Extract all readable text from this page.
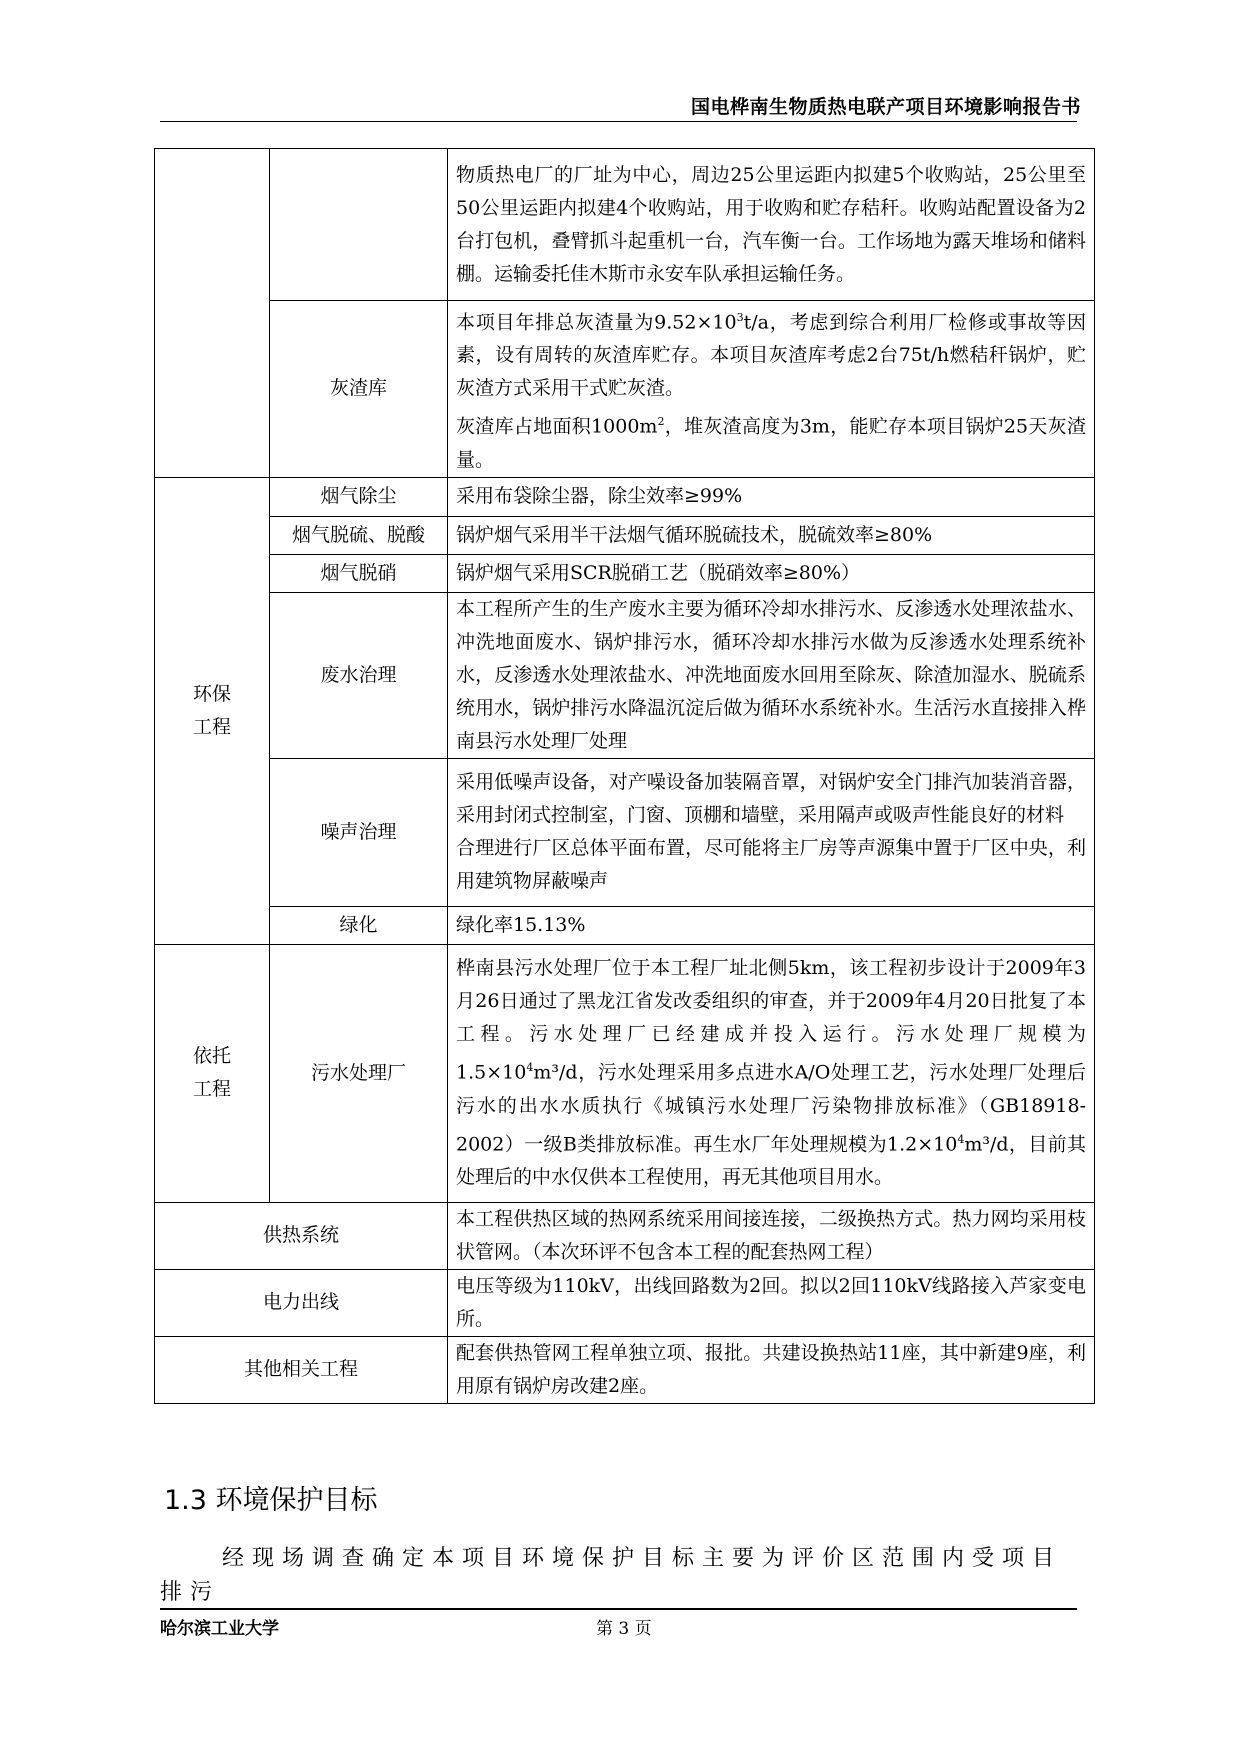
国电桦南生物质热电联产项目环境影响报告书
		物质热电厂的厂址为中心，周边25公里运距内拟建5个收购站，25公里至50公里运距内拟建4个收购站，用于收购和贮存秸秆。收购站配置设备为2台打包机，叠臂抓斗起重机一台，汽车衡一台。工作场地为露天堆场和储料棚。运输委托佳木斯市永安车队承担运输任务。
	灰渣库	本项目年排总灰渣量为$9.52\times 10^3t/a$，考虑到综合利用厂检修或事故等因素，设有周转的灰渣库贮存。本项目灰渣库考虑2台75t/h燃秸秆锅炉，贮灰渣方式采用干式贮灰渣。
灰渣库占地面积$1000m^2$，堆灰渣高度为3m，能贮存本项目锅炉25天灰渣量。

环保
工程	烟气除尘	采用布袋除尘器，除尘效率≥99%
	烟气脱硫、脱酸	锅炉烟气采用半干法烟气循环脱硫技术，脱硫效率≥80%
	烟气脱硝	锅炉烟气采用SCR脱硝工艺（脱硝效率≥80%）
	废水治理	本工程所产生的生产废水主要为循环冷却水排污水、反渗透水处理浓盐水、冲洗地面废水、锅炉排污水，循环冷却水排污水做为反渗透水处理系统补水，反渗透水处理浓盐水、冲洗地面废水回用至除灰、除渣加湿水、脱硫系统用水，锅炉排污水降温沉淀后做为循环水系统补水。生活污水直接排入桦南县污水处理厂处理
	噪声治理	采用低噪声设备，对产噪设备加装隔音罩，对锅炉安全门排汽加装消音器，采用封闭式控制室，门窗、顶棚和墙壁，采用隔声或吸声性能良好的材料
合理进行厂区总体平面布置，尽可能将主厂房等声源集中置于厂区中央，利用建筑物屏蔽噪声
	绿化	绿化率15.13%

依托
工程	污水处理厂	桦南县污水处理厂位于本工程厂址北侧5km，该工程初步设计于2009年3月26日通过了黑龙江省发改委组织的审查，并于2009年4月20日批复了本工程。污水处理厂已经建成并投入运行。污水处理厂规模为$1.5\times 10^4m^3/d$，污水处理采用多点进水A/O处理工艺，污水处理厂处理后污水的出水水质执行《城镇污水处理厂污染物排放标准》（GB18918-2002）一级B类排放标准。再生水厂年处理规模为$1.2\times 10^4m^3/d$，目前其处理后的中水仅供本工程使用，再无其他项目用水。
供热系统		本工程供热区域的热网系统采用间接连接，二级换热方式。热力网均采用枝状管网。（本次环评不包含本工程的配套热网工程）
电力出线		电压等级为110kV，出线回路数为2回。拟以2回110kV线路接入芦家变电所。
其他相关工程		配套供热管网工程单独立项、报批。共建设换热站11座，其中新建9座，利用原有锅炉房改建2座。
1.3 环境保护目标
经现场调查确定本项目环境保护目标主要为评价区范围内受项目排污
哈尔滨工业大学	第 3 页
